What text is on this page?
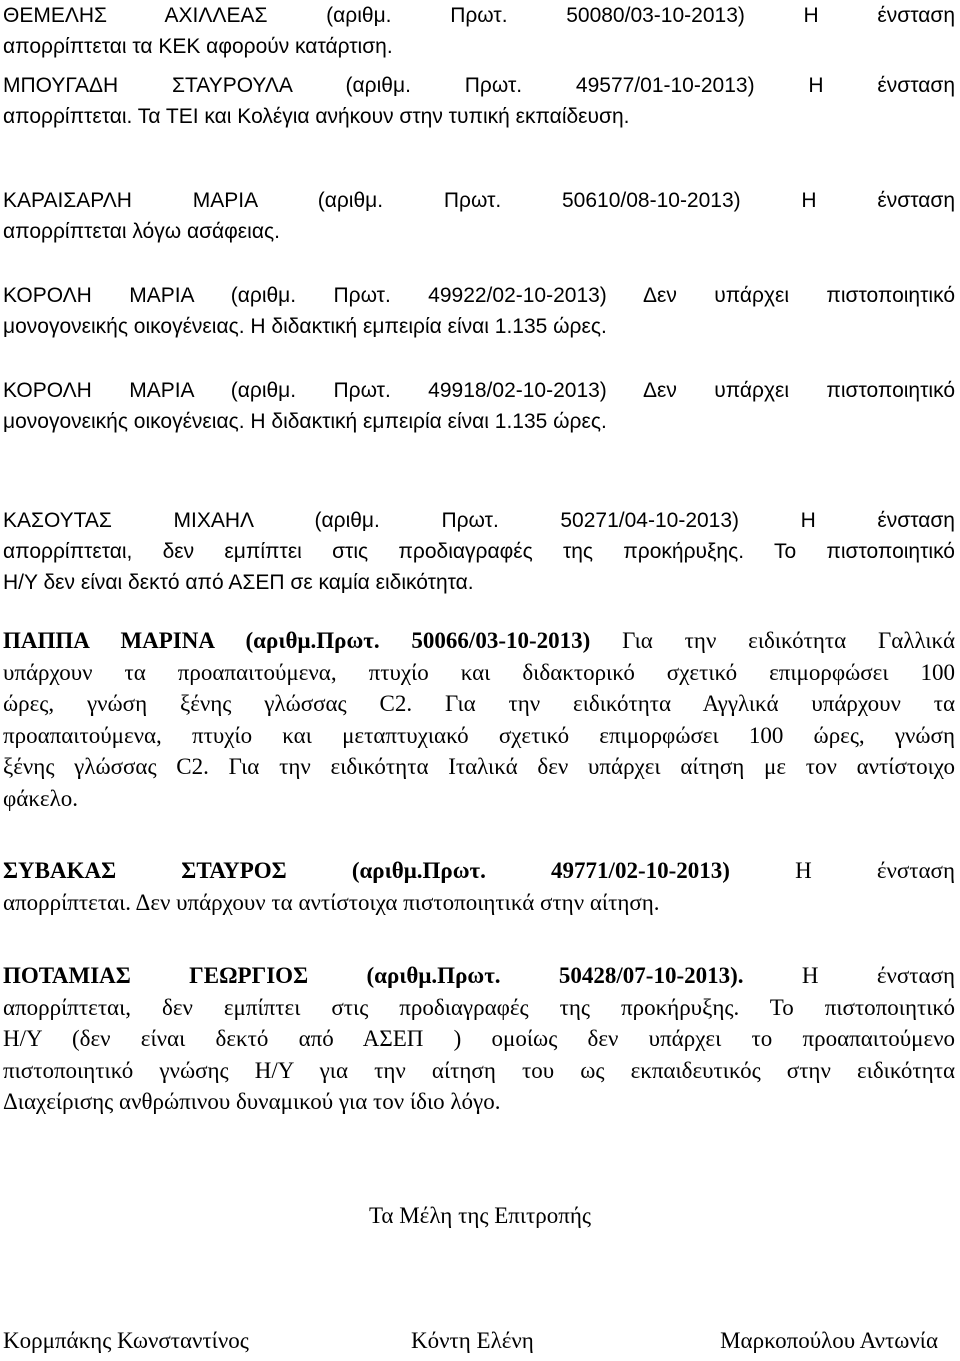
ΘΕΜΕΛΗΣ ΑΧΙΛΛΕΑΣ (αριθμ. Πρωτ. 50080/03-10-2013) Η ένσταση
απορρίπτεται τα ΚΕΚ αφορούν κατάρτιση.
ΜΠΟΥΓΑΔΗ ΣΤΑΥΡΟΥΛΑ (αριθμ. Πρωτ. 49577/01-10-2013) Η ένσταση
απορρίπτεται. Τα ΤΕΙ και Κολέγια ανήκουν στην τυπική εκπαίδευση.
ΚΑΡΑΙΣΑΡΛΗ ΜΑΡΙΑ (αριθμ. Πρωτ. 50610/08-10-2013) Η ένσταση
απορρίπτεται λόγω ασάφειας.
ΚΟΡΟΛΗ ΜΑΡΙΑ (αριθμ. Πρωτ. 49922/02-10-2013) Δεν υπάρχει πιστοποιητικό
μονογονεικής οικογένειας. Η διδακτική εμπειρία είναι 1.135 ώρες.
ΚΟΡΟΛΗ ΜΑΡΙΑ (αριθμ. Πρωτ. 49918/02-10-2013) Δεν υπάρχει πιστοποιητικό
μονογονεικής οικογένειας. Η διδακτική εμπειρία είναι 1.135 ώρες.
ΚΑΣΟΥΤΑΣ ΜΙΧΑΗΛ (αριθμ. Πρωτ. 50271/04-10-2013) Η ένσταση
απορρίπτεται, δεν εμπίπτει στις προδιαγραφές της προκήρυξης. Το πιστοποιητικό
Η/Υ δεν είναι δεκτό από ΑΣΕΠ σε καμία ειδικότητα.
ΠΑΠΠΑ ΜΑΡΙΝΑ (αριθμ.Πρωτ. 50066/03-10-2013) Για την ειδικότητα Γαλλικά
υπάρχουν τα προαπαιτούμενα, πτυχίο και διδακτορικό σχετικό επιμορφώσει 100
ώρες, γνώση ξένης γλώσσας C2. Για την ειδικότητα Αγγλικά υπάρχουν τα
προαπαιτούμενα, πτυχίο και μεταπτυχιακό σχετικό επιμορφώσει 100 ώρες, γνώση
ξένης γλώσσας C2. Για την ειδικότητα Ιταλικά δεν υπάρχει αίτηση με τον αντίστοιχο
φάκελο.
ΣΥΒΑΚΑΣ ΣΤΑΥΡΟΣ (αριθμ.Πρωτ. 49771/02-10-2013) Η ένσταση
απορρίπτεται. Δεν υπάρχουν τα αντίστοιχα πιστοποιητικά στην αίτηση.
ΠΟΤΑΜΙΑΣ ΓΕΩΡΓΙΟΣ (αριθμ.Πρωτ. 50428/07-10-2013). Η ένσταση
απορρίπτεται, δεν εμπίπτει στις προδιαγραφές της προκήρυξης. Το πιστοποιητικό
Η/Υ (δεν είναι δεκτό από ΑΣΕΠ ) ομοίως δεν υπάρχει το προαπαιτούμενο
πιστοποιητικό γνώσης Η/Υ για την αίτηση του ως εκπαιδευτικός στην ειδικότητα
Διαχείρισης ανθρώπινου δυναμικού για τον ίδιο λόγο.
Τα Μέλη της Επιτροπής
Κορμπάκης Κωνσταντίνος	Κόντη Ελένη	Μαρκοπούλου Αντωνία
